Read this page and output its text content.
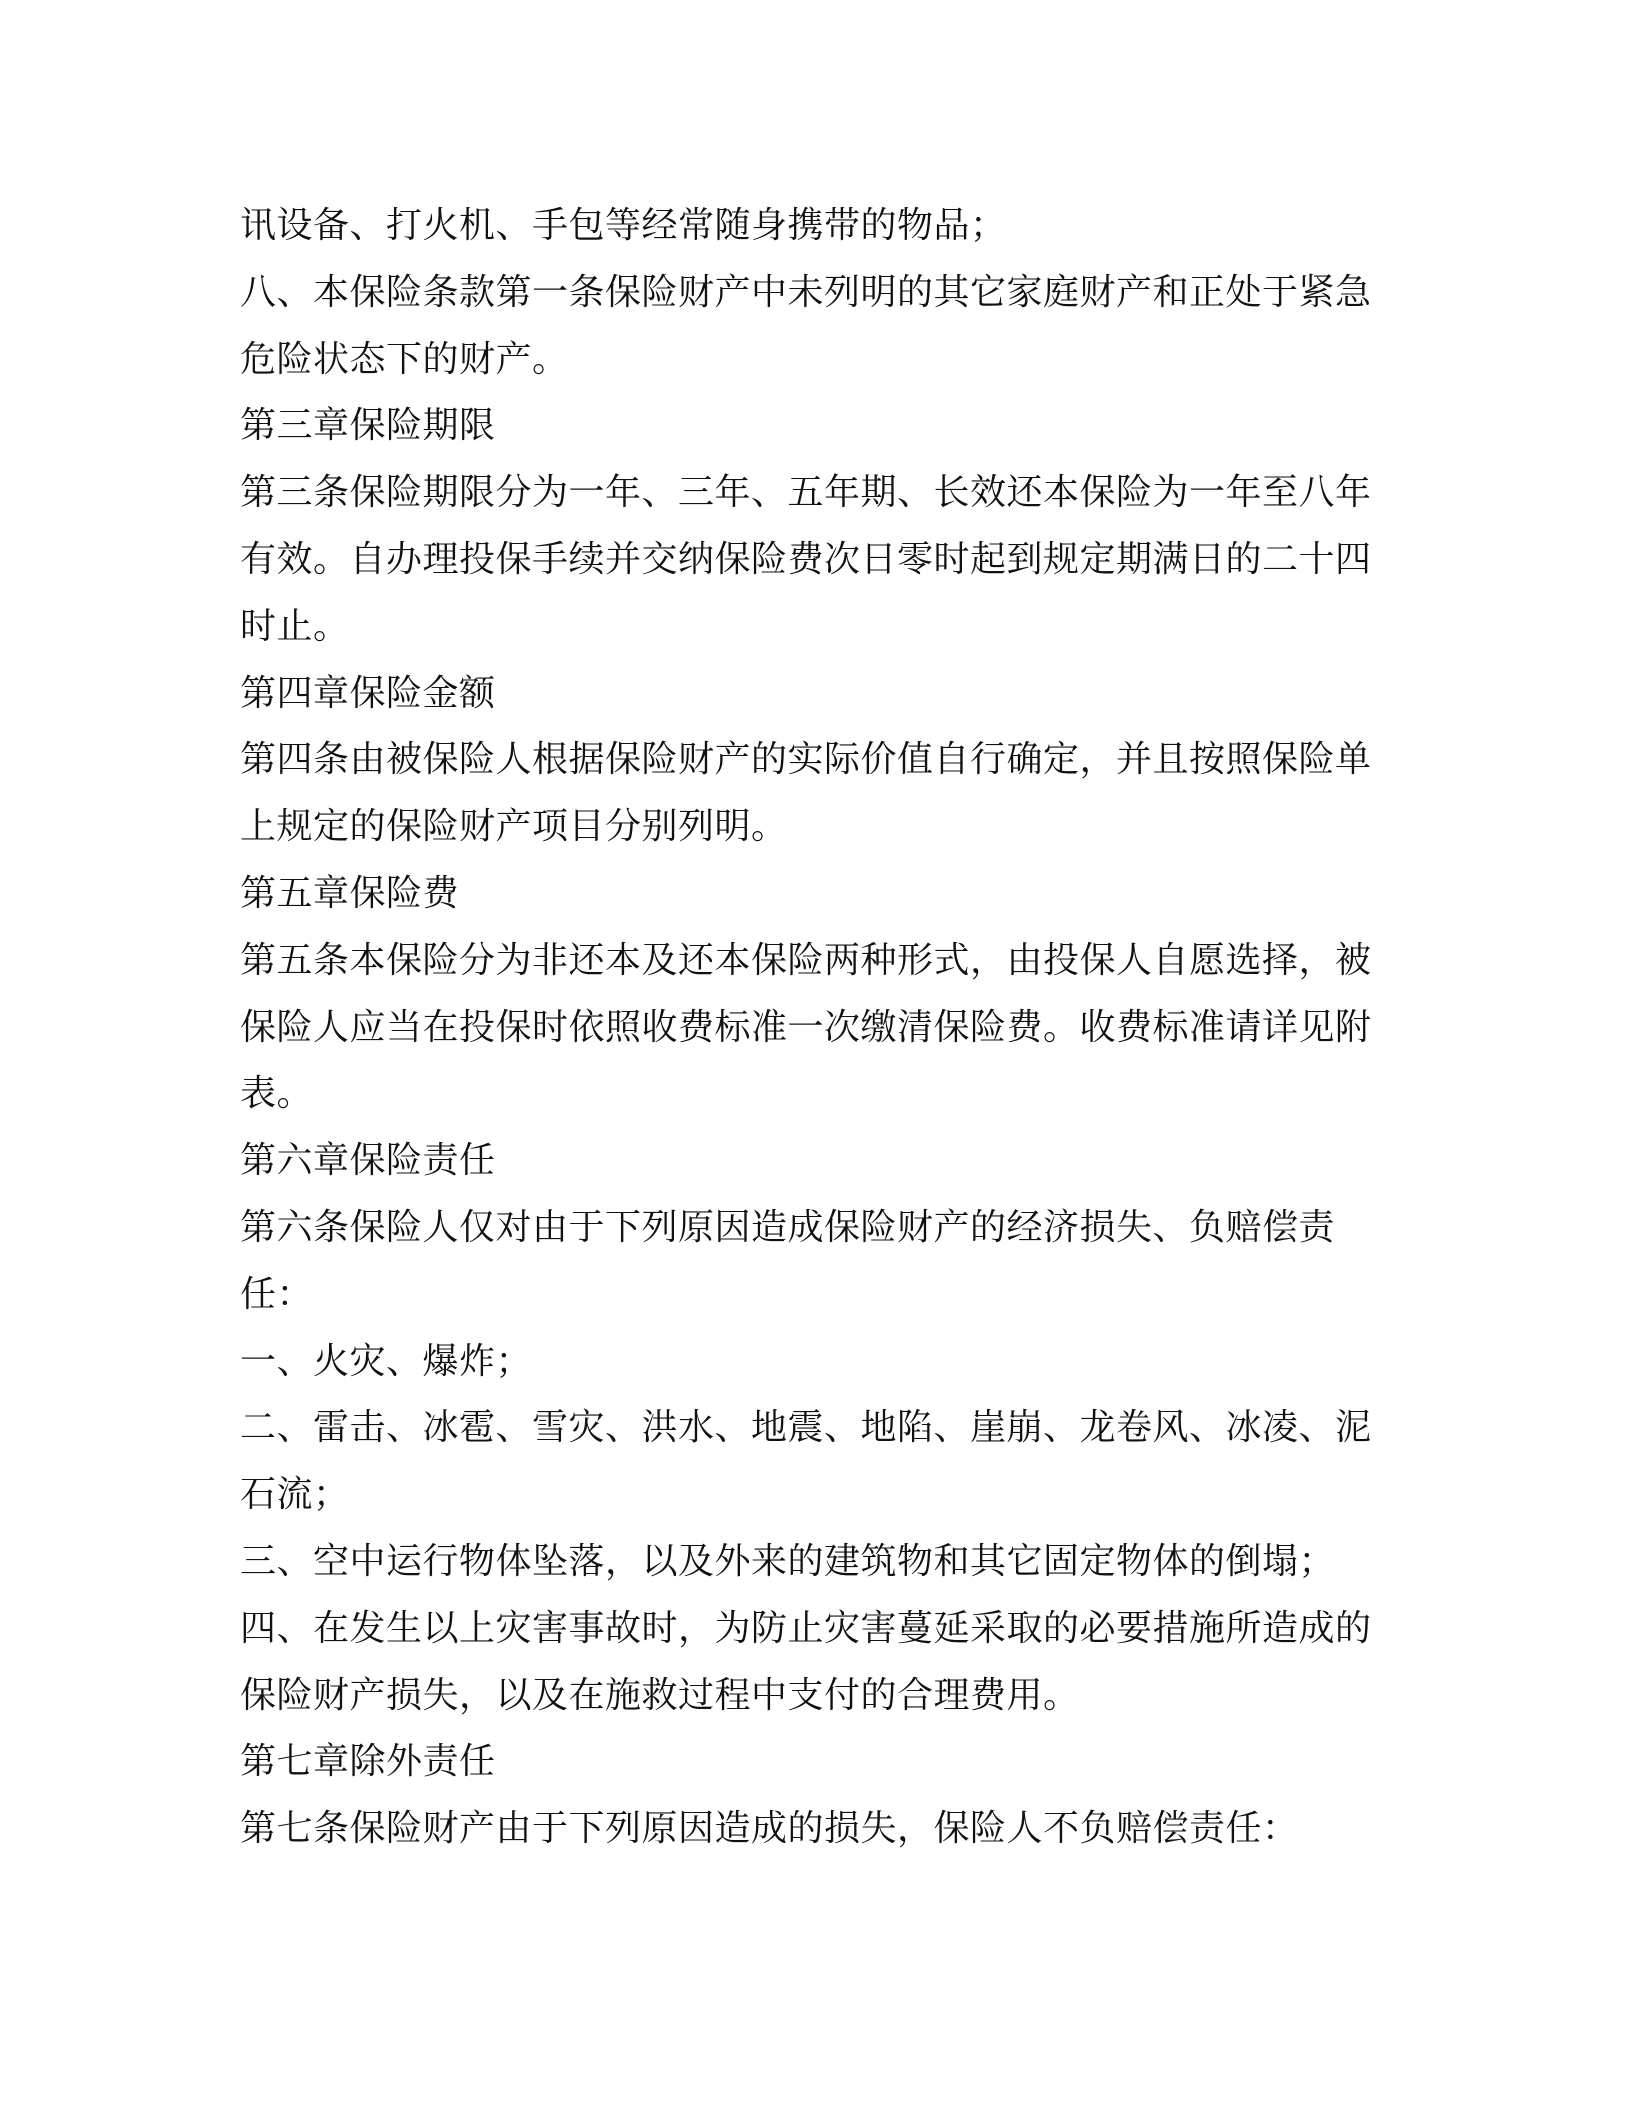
讯设备、打火机、手包等经常随身携带的物品；
八、本保险条款第一条保险财产中未列明的其它家庭财产和正处于紧急
危险状态下的财产。
第三章保险期限
第三条保险期限分为一年、三年、五年期、长效还本保险为一年至八年
有效。自办理投保手续并交纳保险费次日零时起到规定期满日的二十四
时止。
第四章保险金额
第四条由被保险人根据保险财产的实际价值自行确定，并且按照保险单
上规定的保险财产项目分别列明。
第五章保险费
第五条本保险分为非还本及还本保险两种形式，由投保人自愿选择，被
保险人应当在投保时依照收费标准一次缴清保险费。收费标准请详见附
表。
第六章保险责任
第六条保险人仅对由于下列原因造成保险财产的经济损失、负赔偿责
任：
一、火灾、爆炸；
二、雷击、冰雹、雪灾、洪水、地震、地陷、崖崩、龙卷风、冰凌、泥
石流；
三、空中运行物体坠落，以及外来的建筑物和其它固定物体的倒塌；
四、在发生以上灾害事故时，为防止灾害蔓延采取的必要措施所造成的
保险财产损失，以及在施救过程中支付的合理费用。
第七章除外责任
第七条保险财产由于下列原因造成的损失，保险人不负赔偿责任：
